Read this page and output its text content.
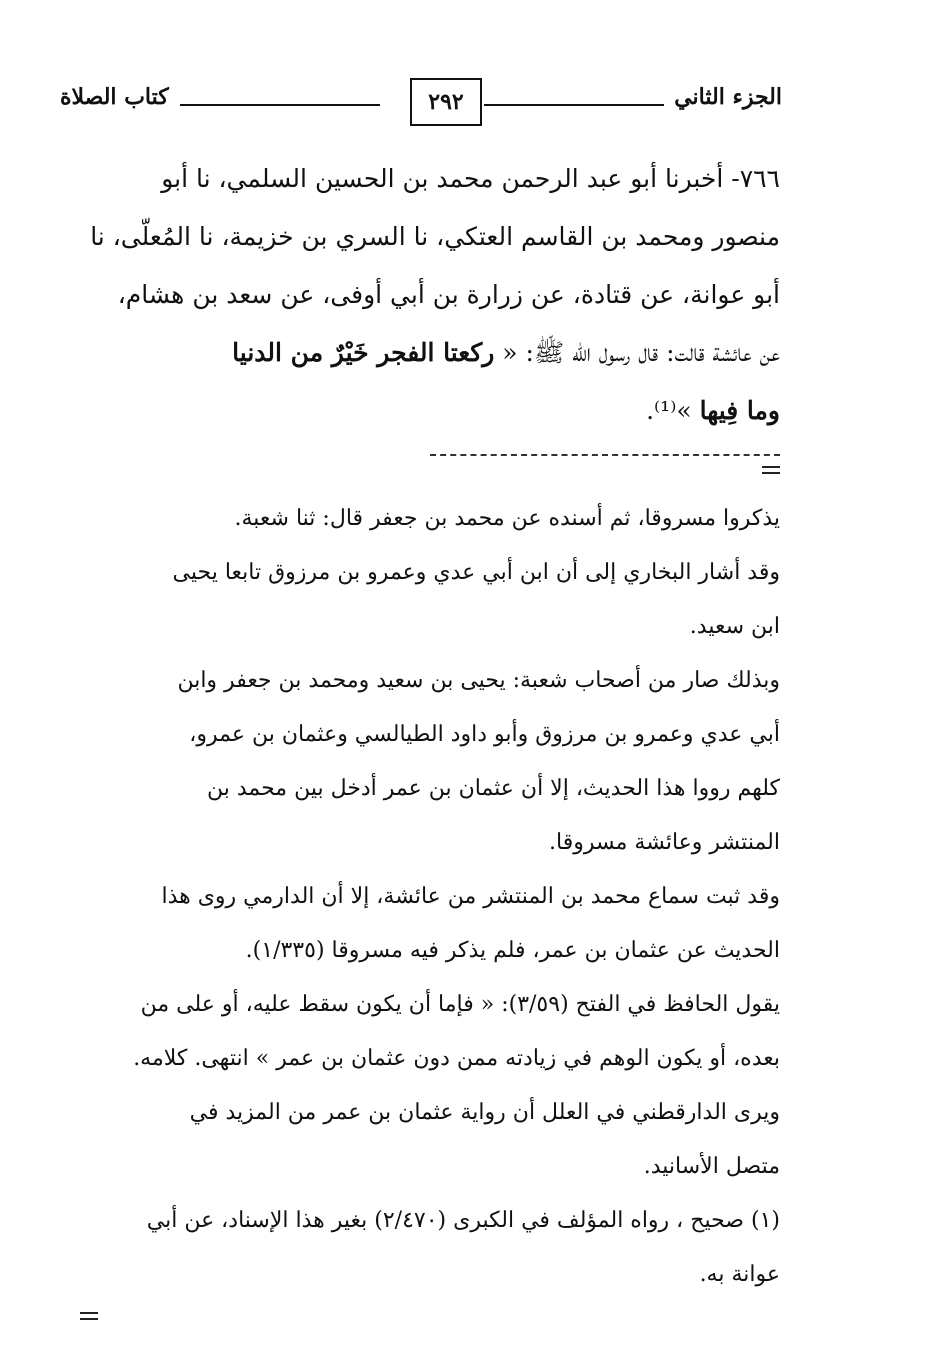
الجزء الثاني
٢٩٢
كتاب الصلاة
٧٦٦- أخبرنا أبو عبد الرحمن محمد بن الحسين السلمي، نا أبو
منصور ومحمد بن القاسم العتكي، نا السري بن خزيمة، نا المُعلّى، نا
أبو عوانة، عن قتادة، عن زرارة بن أبي أوفى، عن سعد بن هشام،
عن عائشة قالت: قال رسول الله ﷺ: « ركعتا الفجر خَيْرٌ من الدنيا
وما فِيها »⁽¹⁾.
يذكروا مسروقا، ثم أسنده عن محمد بن جعفر قال: ثنا شعبة.
وقد أشار البخاري إلى أن ابن أبي عدي وعمرو بن مرزوق تابعا يحيى
ابن سعيد.
وبذلك صار من أصحاب شعبة: يحيى بن سعيد ومحمد بن جعفر وابن
أبي عدي وعمرو بن مرزوق وأبو داود الطيالسي وعثمان بن عمرو،
كلهم رووا هذا الحديث، إلا أن عثمان بن عمر أدخل بين محمد بن
المنتشر وعائشة مسروقا.
وقد ثبت سماع محمد بن المنتشر من عائشة، إلا أن الدارمي روى هذا
الحديث عن عثمان بن عمر، فلم يذكر فيه مسروقا (١/٣٣٥).
يقول الحافظ في الفتح (٣/٥٩): « فإما أن يكون سقط عليه، أو على من
بعده، أو يكون الوهم في زيادته ممن دون عثمان بن عمر » انتهى. كلامه.
ويرى الدارقطني في العلل أن رواية عثمان بن عمر من المزيد في
متصل الأسانيد.
(١) صحيح ، رواه المؤلف في الكبرى (٢/٤٧٠) بغير هذا الإسناد، عن أبي
عوانة به.
